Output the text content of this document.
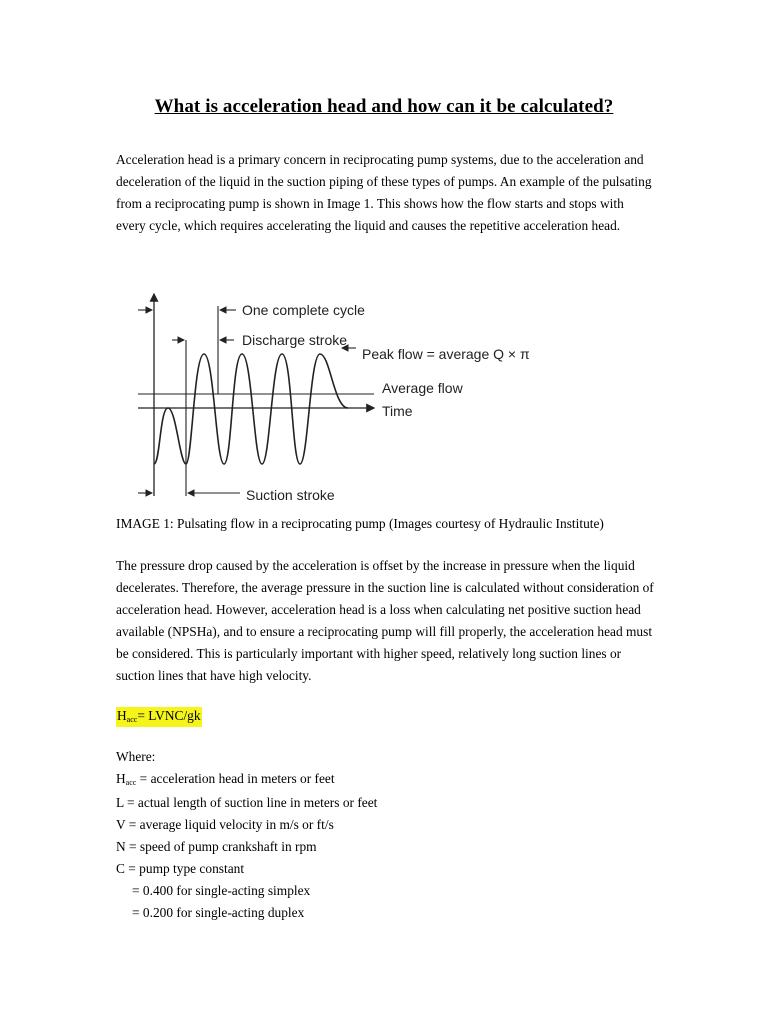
What is acceleration head and how can it be calculated?

Acceleration head is a primary concern in reciprocating pump systems, due to the acceleration and deceleration of the liquid in the suction piping of these types of pumps. An example of the pulsating from a reciprocating pump is shown in Image 1. This shows how the flow starts and stops with every cycle, which requires accelerating the liquid and causes the repetitive acceleration head.

One complete cycle
Discharge stroke
Peak flow = average Q × π
Average flow
Time
Suction stroke

IMAGE 1: Pulsating flow in a reciprocating pump (Images courtesy of Hydraulic Institute)

The pressure drop caused by the acceleration is offset by the increase in pressure when the liquid decelerates. Therefore, the average pressure in the suction line is calculated without consideration of acceleration head. However, acceleration head is a loss when calculating net positive suction head available (NPSHa), and to ensure a reciprocating pump will fill properly, the acceleration head must be considered. This is particularly important with higher speed, relatively long suction lines or suction lines that have high velocity.

$H_{acc}=$ LVNC/gk
Where:
$H_{acc}$ = acceleration head in meters or feet
L = actual length of suction line in meters or feet
V = average liquid velocity in m/s or ft/s
N = speed of pump crankshaft in rpm
C = pump type constant
= 0.400 for single-acting simplex
= 0.200 for single-acting duplex
